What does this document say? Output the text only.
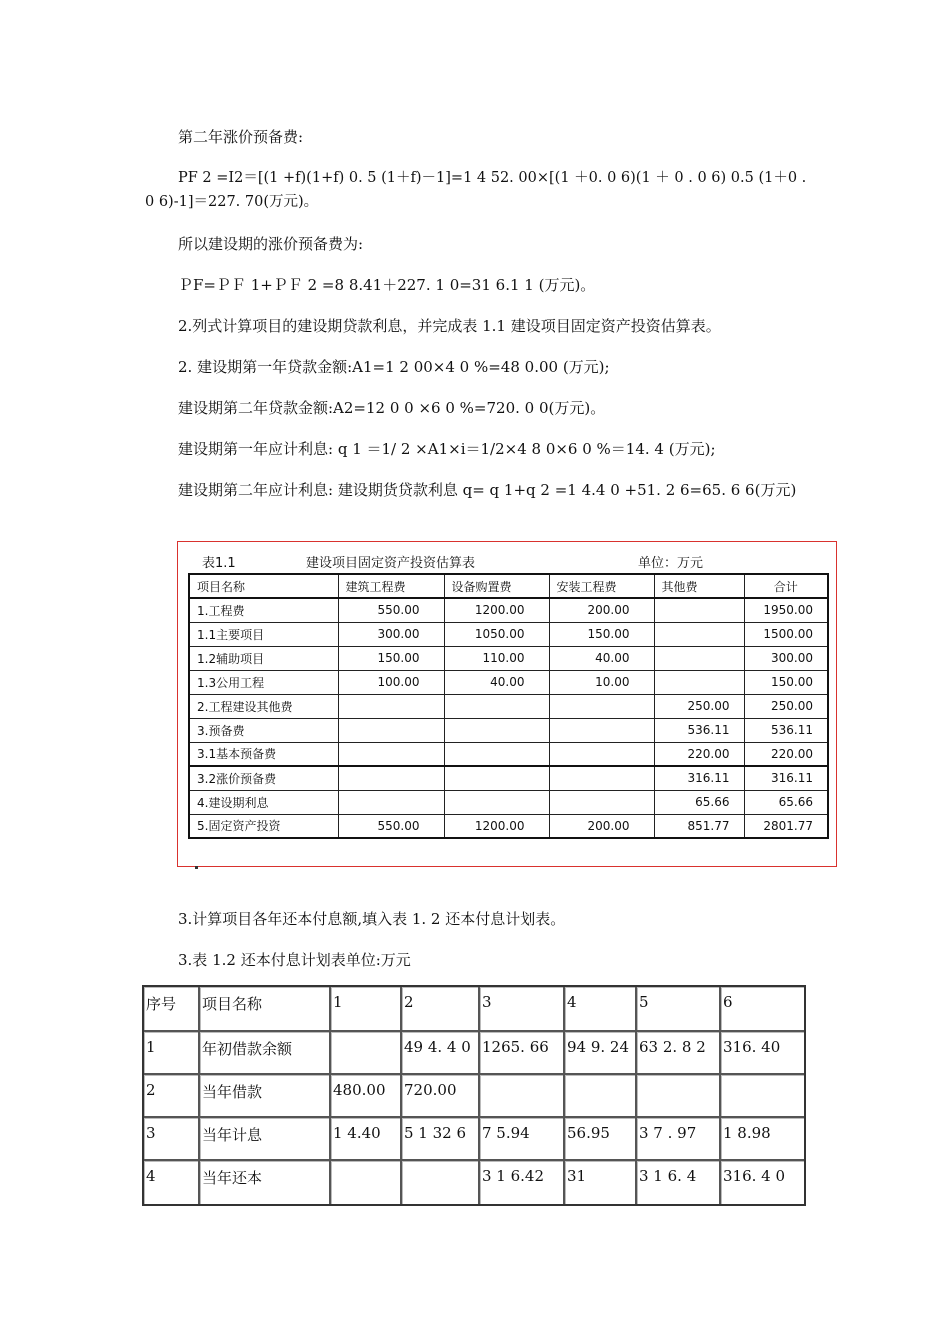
第二年涨价预备费:
PF 2 =I2＝[(1 +f)(1+f) 0. 5 (1＋f)－1]=1 4 52. 00×[(1 ＋0. 0 6)(1 ＋ 0 . 0 6) 0.5 (1＋0 . 0 6)-1]＝227. 70(万元)。
所以建设期的涨价预备费为:
ＰF=ＰＦ 1+ＰＦ 2 =8 8.41＋227. 1 0=31 6.1 1 (万元)。
2.列式计算项目的建设期贷款利息，并完成表 1.1 建设项目固定资产投资估算表。
2. 建设期第一年贷款金额:A1=1 2 00×4 0 %=48 0.00 (万元);
建设期第二年贷款金额:A2=12 0 0 ×6 0 %=720. 0 0(万元)。
建设期第一年应计利息: q 1 ＝1/ 2 ×A1×i＝1/2×4 8 0×6 0 %＝14. 4 (万元);
建设期第二年应计利息: 建设期货贷款利息 q= q 1+q 2 =1 4.4 0 +51. 2 6=65. 6 6(万元)
表1.1	建设项目固定资产投资估算表	单位：万元
项目名称	建筑工程费	设备购置费	安装工程费	其他费	合计
1.工程费	550.00	1200.00	200.00		1950.00
1.1主要项目	300.00	1050.00	150.00		1500.00
1.2辅助项目	150.00	110.00	40.00		300.00
1.3公用工程	100.00	40.00	10.00		150.00
2.工程建设其他费				250.00	250.00
3.预备费				536.11	536.11
3.1基本预备费				220.00	220.00
3.2涨价预备费				316.11	316.11
4.建设期利息				65.66	65.66
5.固定资产投资	550.00	1200.00	200.00	851.77	2801.77
3.计算项目各年还本付息额,填入表 1. 2 还本付息计划表。
3.表 1.2 还本付息计划表单位:万元
序号	项目名称	1	2	3	4	5	6
1	年初借款余额		49 4. 4 0	1265. 66	94 9. 24	63 2. 8 2	316. 40
2	当年借款	480.00	720.00				
3	当年计息	1 4.40	5 1 32 6	7 5.94	56.95	3 7 . 97	1 8.98
4	当年还本			3 1 6.42	31	3 1 6. 4	316. 4 0
